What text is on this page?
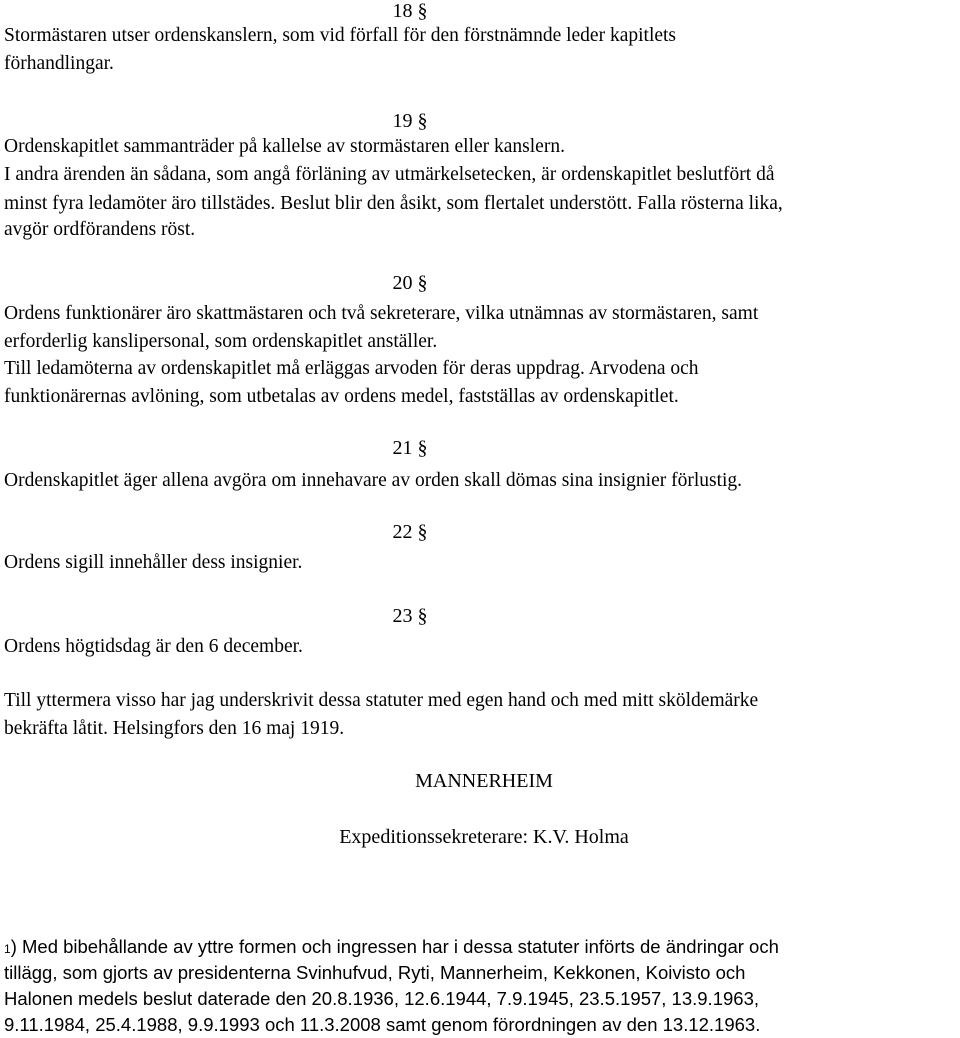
18 §
Stormästaren utser ordenskanslern, som vid förfall för den förstnämnde leder kapitlets
förhandlingar.
19 §
Ordenskapitlet sammanträder på kallelse av stormästaren eller kanslern.
I andra ärenden än sådana, som angå förläning av utmärkelsetecken, är ordenskapitlet beslutfört då
minst fyra ledamöter äro tillstädes. Beslut blir den åsikt, som flertalet understött. Falla rösterna lika,
avgör ordförandens röst.
20 §
Ordens funktionärer äro skattmästaren och två sekreterare, vilka utnämnas av stormästaren, samt
erforderlig kanslipersonal, som ordenskapitlet anställer.
Till ledamöterna av ordenskapitlet må erläggas arvoden för deras uppdrag. Arvodena och
funktionärernas avlöning, som utbetalas av ordens medel, fastställas av ordenskapitlet.
21 §
Ordenskapitlet äger allena avgöra om innehavare av orden skall dömas sina insignier förlustig.
22 §
Ordens sigill innehåller dess insignier.
23 §
Ordens högtidsdag är den 6 december.
Till yttermera visso har jag underskrivit dessa statuter med egen hand och med mitt sköldemärke
bekräfta låtit. Helsingfors den 16 maj 1919.
MANNERHEIM
Expeditionssekreterare: K.V. Holma
$^1$) Med bibehållande av yttre formen och ingressen har i dessa statuter införts de ändringar och
tillägg, som gjorts av presidenterna Svinhufvud, Ryti, Mannerheim, Kekkonen, Koivisto och
Halonen medels beslut daterade den 20.8.1936, 12.6.1944, 7.9.1945, 23.5.1957, 13.9.1963,
9.11.1984, 25.4.1988, 9.9.1993 och 11.3.2008 samt genom förordningen av den 13.12.1963.
